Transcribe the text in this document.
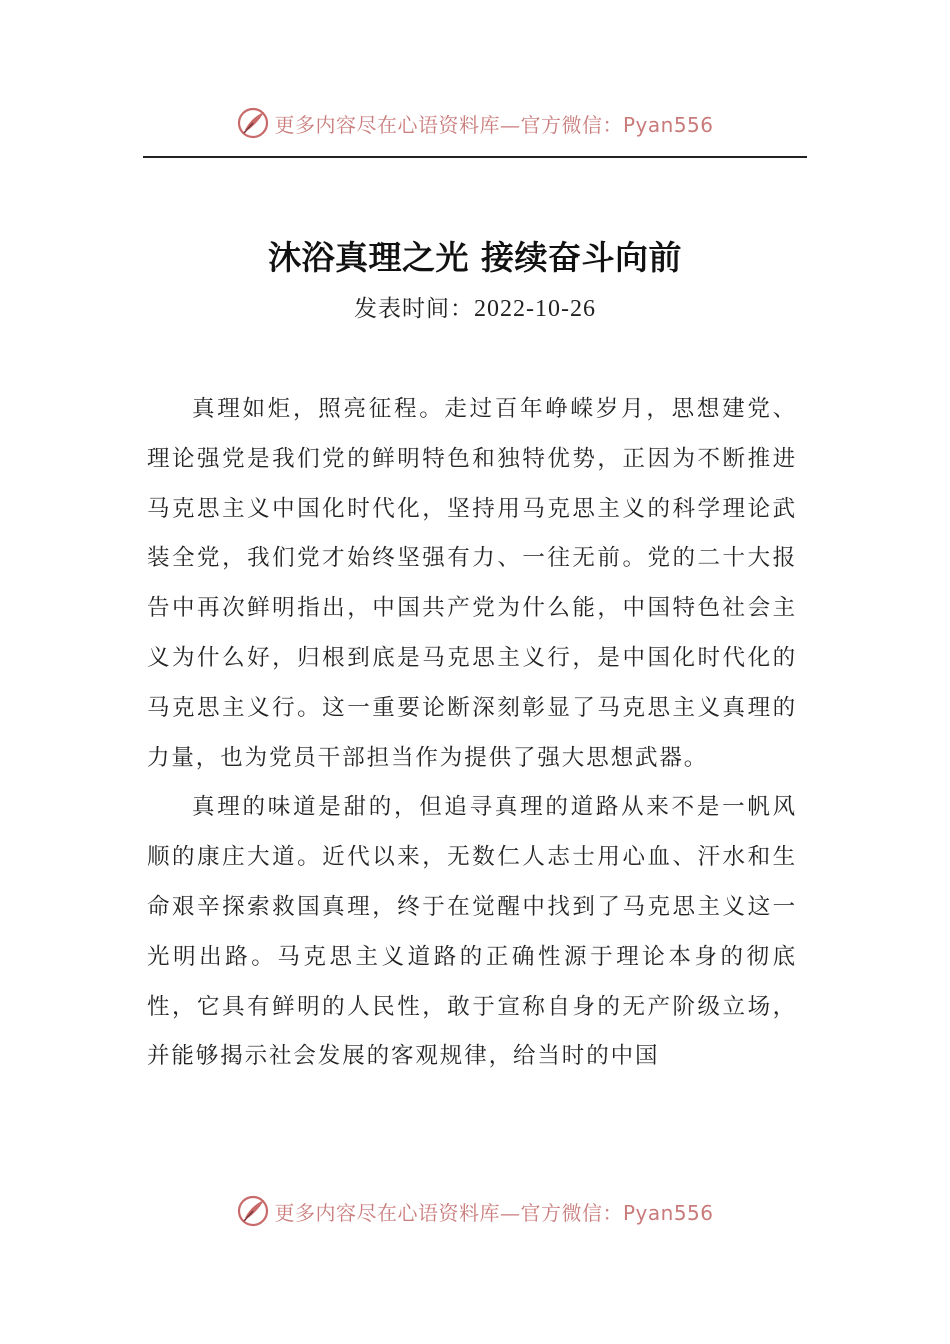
更多内容尽在心语资料库—官方微信：Pyan556
沐浴真理之光 接续奋斗向前
发表时间：2022-10-26

真理如炬，照亮征程。走过百年峥嵘岁月，思想建党、理论强党是我们党的鲜明特色和独特优势，正因为不断推进马克思主义中国化时代化，坚持用马克思主义的科学理论武装全党，我们党才始终坚强有力、一往无前。党的二十大报告中再次鲜明指出，中国共产党为什么能，中国特色社会主义为什么好，归根到底是马克思主义行，是中国化时代化的马克思主义行。这一重要论断深刻彰显了马克思主义真理的力量，也为党员干部担当作为提供了强大思想武器。

真理的味道是甜的，但追寻真理的道路从来不是一帆风顺的康庄大道。近代以来，无数仁人志士用心血、汗水和生命艰辛探索救国真理，终于在觉醒中找到了马克思主义这一光明出路。马克思主义道路的正确性源于理论本身的彻底性，它具有鲜明的人民性，敢于宣称自身的无产阶级立场，并能够揭示社会发展的客观规律，给当时的中国

更多内容尽在心语资料库—官方微信：Pyan556
